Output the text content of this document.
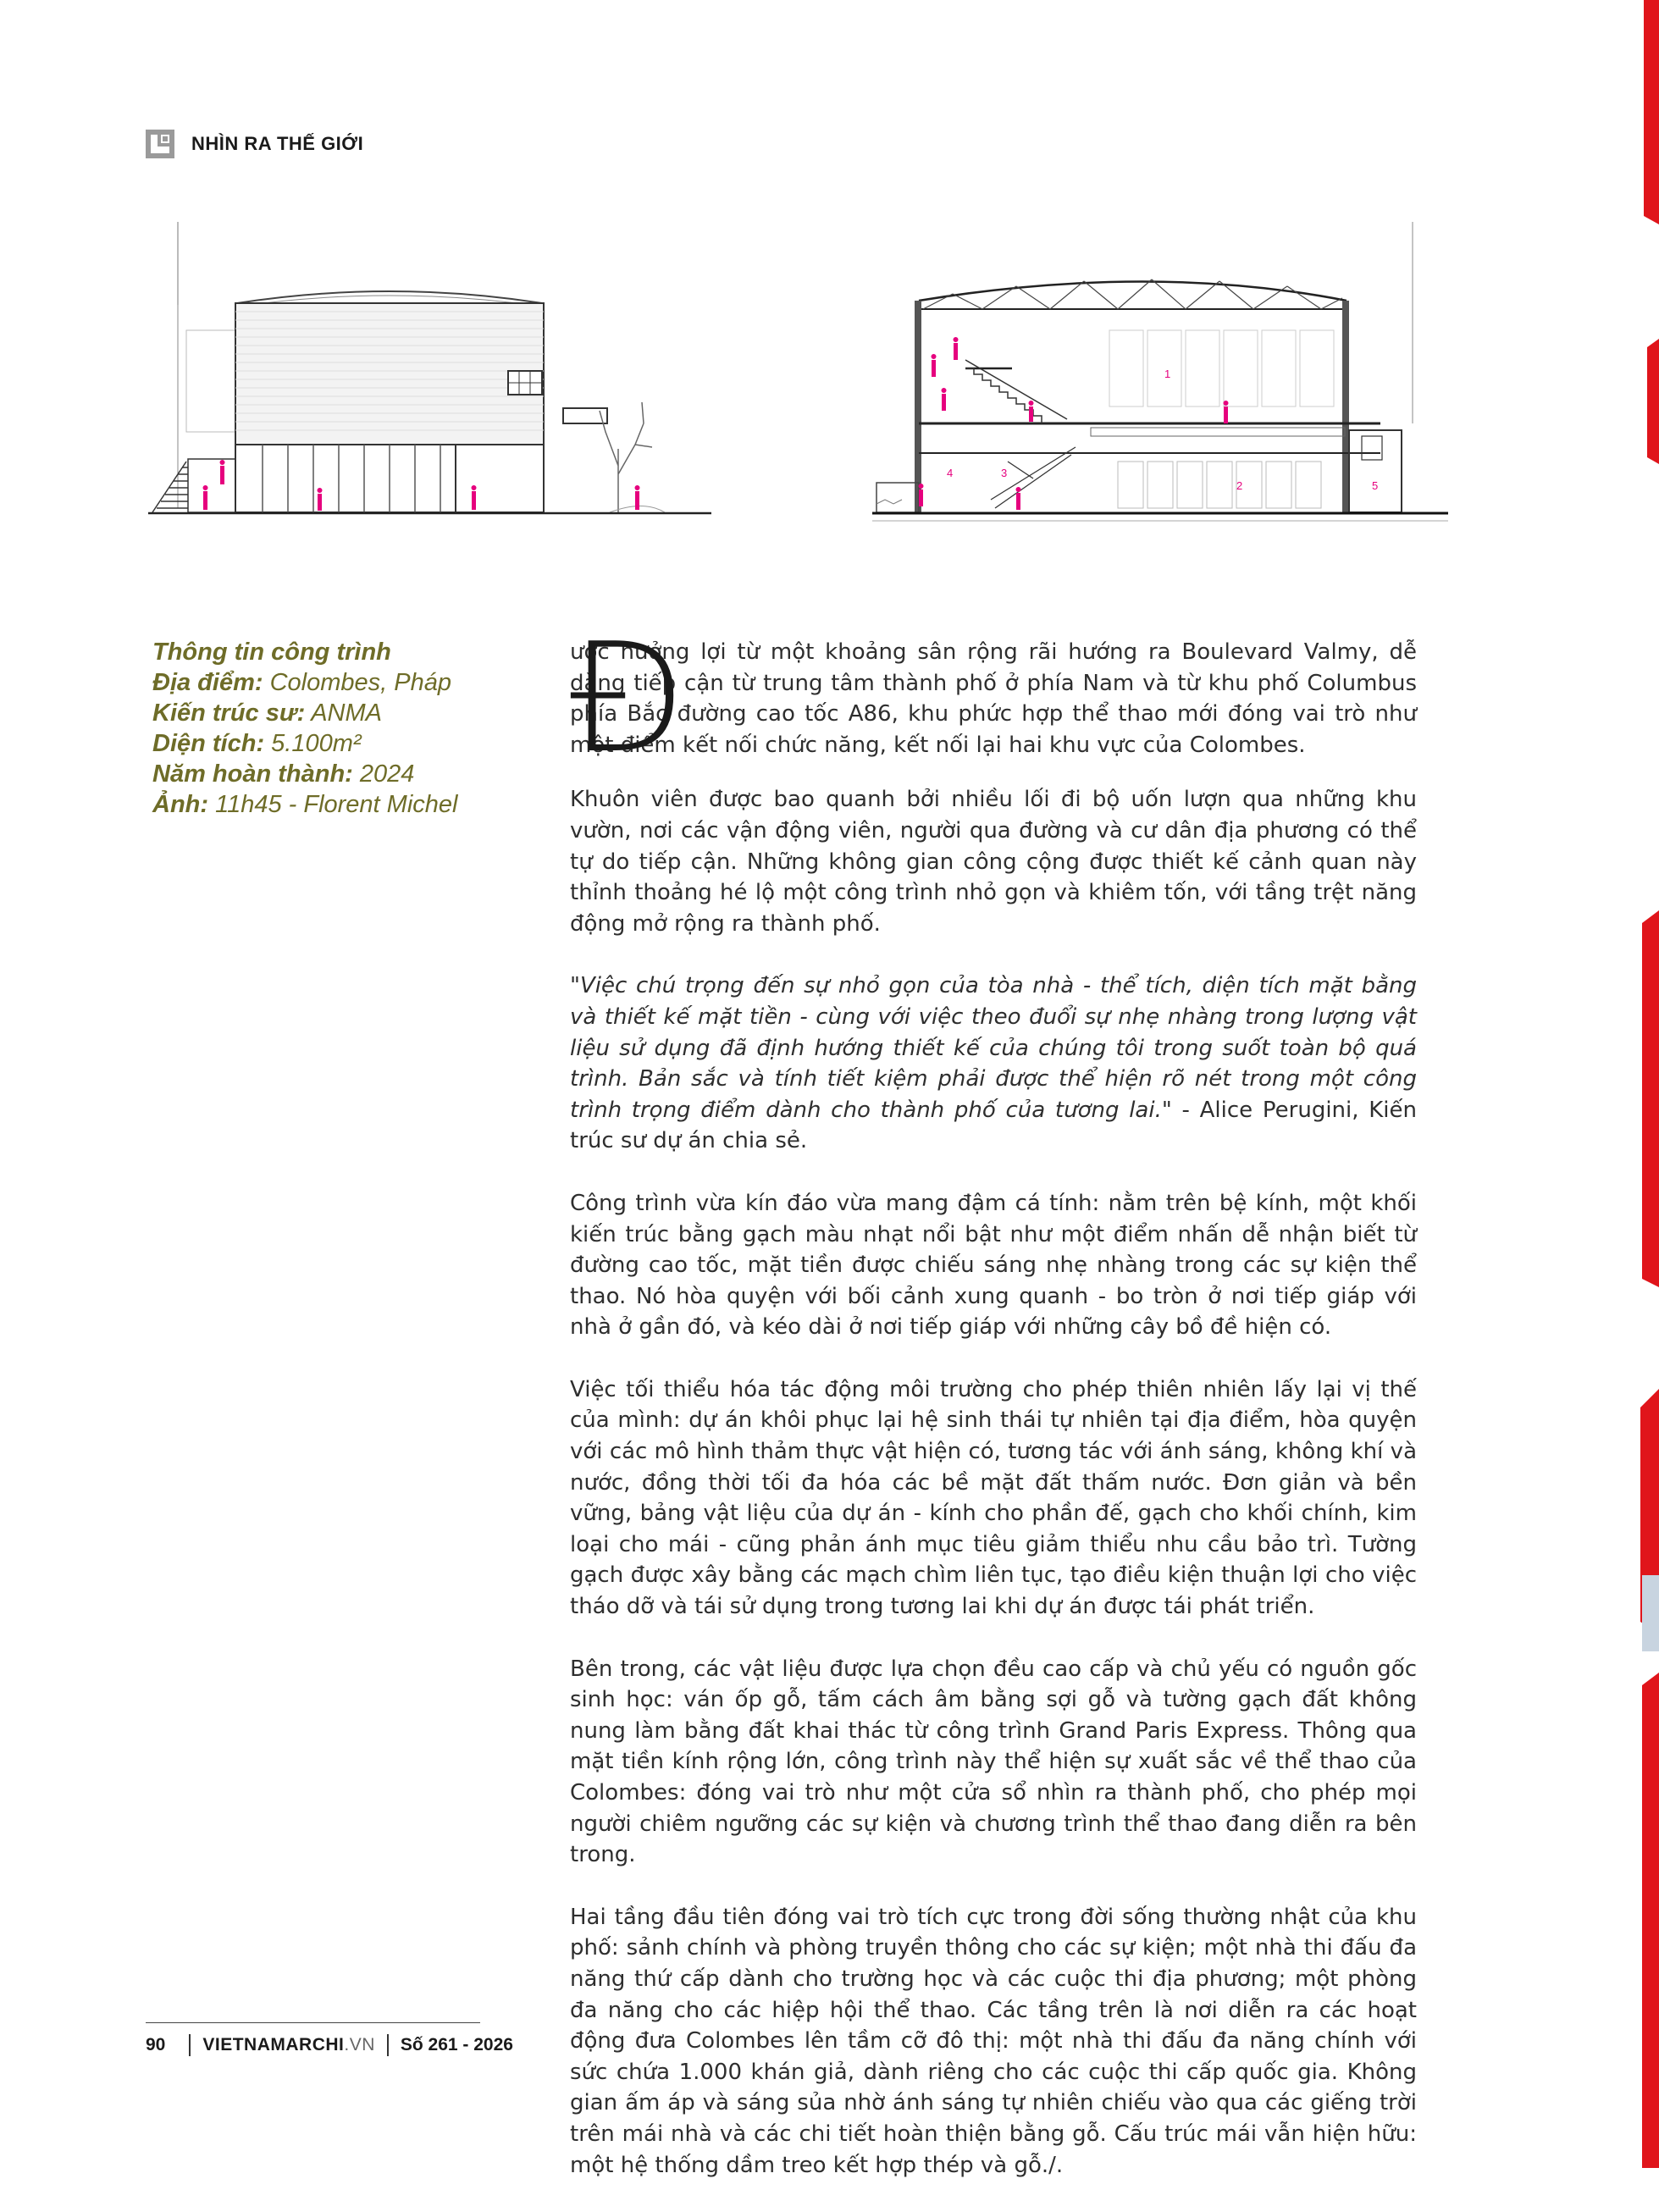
NHÌN RA THẾ GIỚI
1
2
3
4
5
Thông tin công trình
Địa điểm: Colombes, Pháp
Kiến trúc sư: ANMA
Diện tích: 5.100m²
Năm hoàn thành: 2024
Ảnh: 11h45 - Florent Michel
Đ

ược hưởng lợi từ một khoảng sân rộng rãi hướng ra Boulevard Valmy, dễ dàng tiếp cận từ trung tâm thành phố ở phía Nam và từ khu phố Columbus phía Bắc đường cao tốc A86, khu phức hợp thể thao mới đóng vai trò như một điểm kết nối chức năng, kết nối lại hai khu vực của Colombes.

Khuôn viên được bao quanh bởi nhiều lối đi bộ uốn lượn qua những khu vườn, nơi các vận động viên, người qua đường và cư dân địa phương có thể tự do tiếp cận. Những không gian công cộng được thiết kế cảnh quan này thỉnh thoảng hé lộ một công trình nhỏ gọn và khiêm tốn, với tầng trệt năng động mở rộng ra thành phố.

"Việc chú trọng đến sự nhỏ gọn của tòa nhà - thể tích, diện tích mặt bằng và thiết kế mặt tiền - cùng với việc theo đuổi sự nhẹ nhàng trong lượng vật liệu sử dụng đã định hướng thiết kế của chúng tôi trong suốt toàn bộ quá trình. Bản sắc và tính tiết kiệm phải được thể hiện rõ nét trong một công trình trọng điểm dành cho thành phố của tương lai." - Alice Perugini, Kiến trúc sư dự án chia sẻ.

Công trình vừa kín đáo vừa mang đậm cá tính: nằm trên bệ kính, một khối kiến trúc bằng gạch màu nhạt nổi bật như một điểm nhấn dễ nhận biết từ đường cao tốc, mặt tiền được chiếu sáng nhẹ nhàng trong các sự kiện thể thao. Nó hòa quyện với bối cảnh xung quanh - bo tròn ở nơi tiếp giáp với nhà ở gần đó, và kéo dài ở nơi tiếp giáp với những cây bồ đề hiện có.

Việc tối thiểu hóa tác động môi trường cho phép thiên nhiên lấy lại vị thế của mình: dự án khôi phục lại hệ sinh thái tự nhiên tại địa điểm, hòa quyện với các mô hình thảm thực vật hiện có, tương tác với ánh sáng, không khí và nước, đồng thời tối đa hóa các bề mặt đất thấm nước. Đơn giản và bền vững, bảng vật liệu của dự án - kính cho phần đế, gạch cho khối chính, kim loại cho mái - cũng phản ánh mục tiêu giảm thiểu nhu cầu bảo trì. Tường gạch được xây bằng các mạch chìm liên tục, tạo điều kiện thuận lợi cho việc tháo dỡ và tái sử dụng trong tương lai khi dự án được tái phát triển.

Bên trong, các vật liệu được lựa chọn đều cao cấp và chủ yếu có nguồn gốc sinh học: ván ốp gỗ, tấm cách âm bằng sợi gỗ và tường gạch đất không nung làm bằng đất khai thác từ công trình Grand Paris Express. Thông qua mặt tiền kính rộng lớn, công trình này thể hiện sự xuất sắc về thể thao của Colombes: đóng vai trò như một cửa sổ nhìn ra thành phố, cho phép mọi người chiêm ngưỡng các sự kiện và chương trình thể thao đang diễn ra bên trong.

Hai tầng đầu tiên đóng vai trò tích cực trong đời sống thường nhật của khu phố: sảnh chính và phòng truyền thông cho các sự kiện; một nhà thi đấu đa năng thứ cấp dành cho trường học và các cuộc thi địa phương; một phòng đa năng cho các hiệp hội thể thao. Các tầng trên là nơi diễn ra các hoạt động đưa Colombes lên tầm cỡ đô thị: một nhà thi đấu đa năng chính với sức chứa 1.000 khán giả, dành riêng cho các cuộc thi cấp quốc gia. Không gian ấm áp và sáng sủa nhờ ánh sáng tự nhiên chiếu vào qua các giếng trời trên mái nhà và các chi tiết hoàn thiện bằng gỗ. Cấu trúc mái vẫn hiện hữu: một hệ thống dầm treo kết hợp thép và gỗ./.

90 VIETNAMARCHI.VN Số 261 - 2026
